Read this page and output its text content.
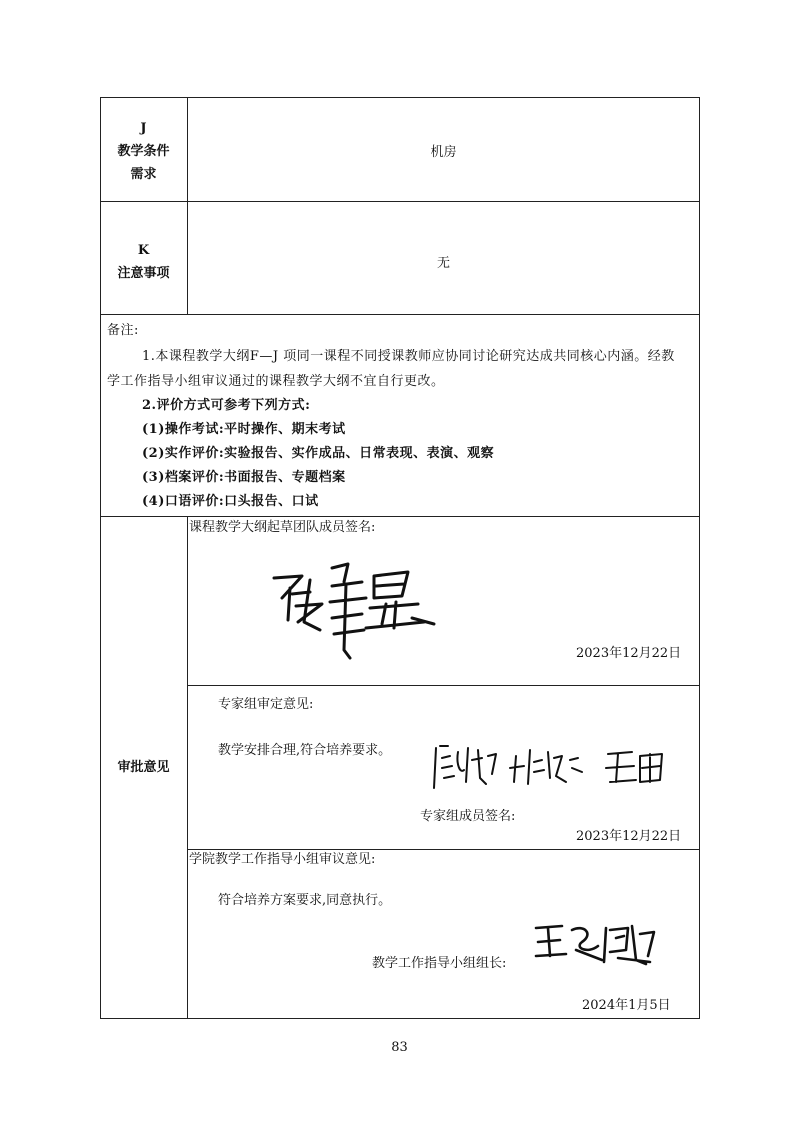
J
教学条件
需求
机房
K
注意事项
无
备注:
1.本课程教学大纲F—J 项同一课程不同授课教师应协同讨论研究达成共同核心内涵。经教
学工作指导小组审议通过的课程教学大纲不宜自行更改。
2.评价方式可参考下列方式:
(1)操作考试:平时操作、期末考试
(2)实作评价:实验报告、实作成品、日常表现、表演、观察
(3)档案评价:书面报告、专题档案
(4)口语评价:口头报告、口试
审批意见
课程教学大纲起草团队成员签名:
2023年12月22日
专家组审定意见:
教学安排合理,符合培养要求。
专家组成员签名:
2023年12月22日
学院教学工作指导小组审议意见:
符合培养方案要求,同意执行。
教学工作指导小组组长:
2024年1月5日
83
